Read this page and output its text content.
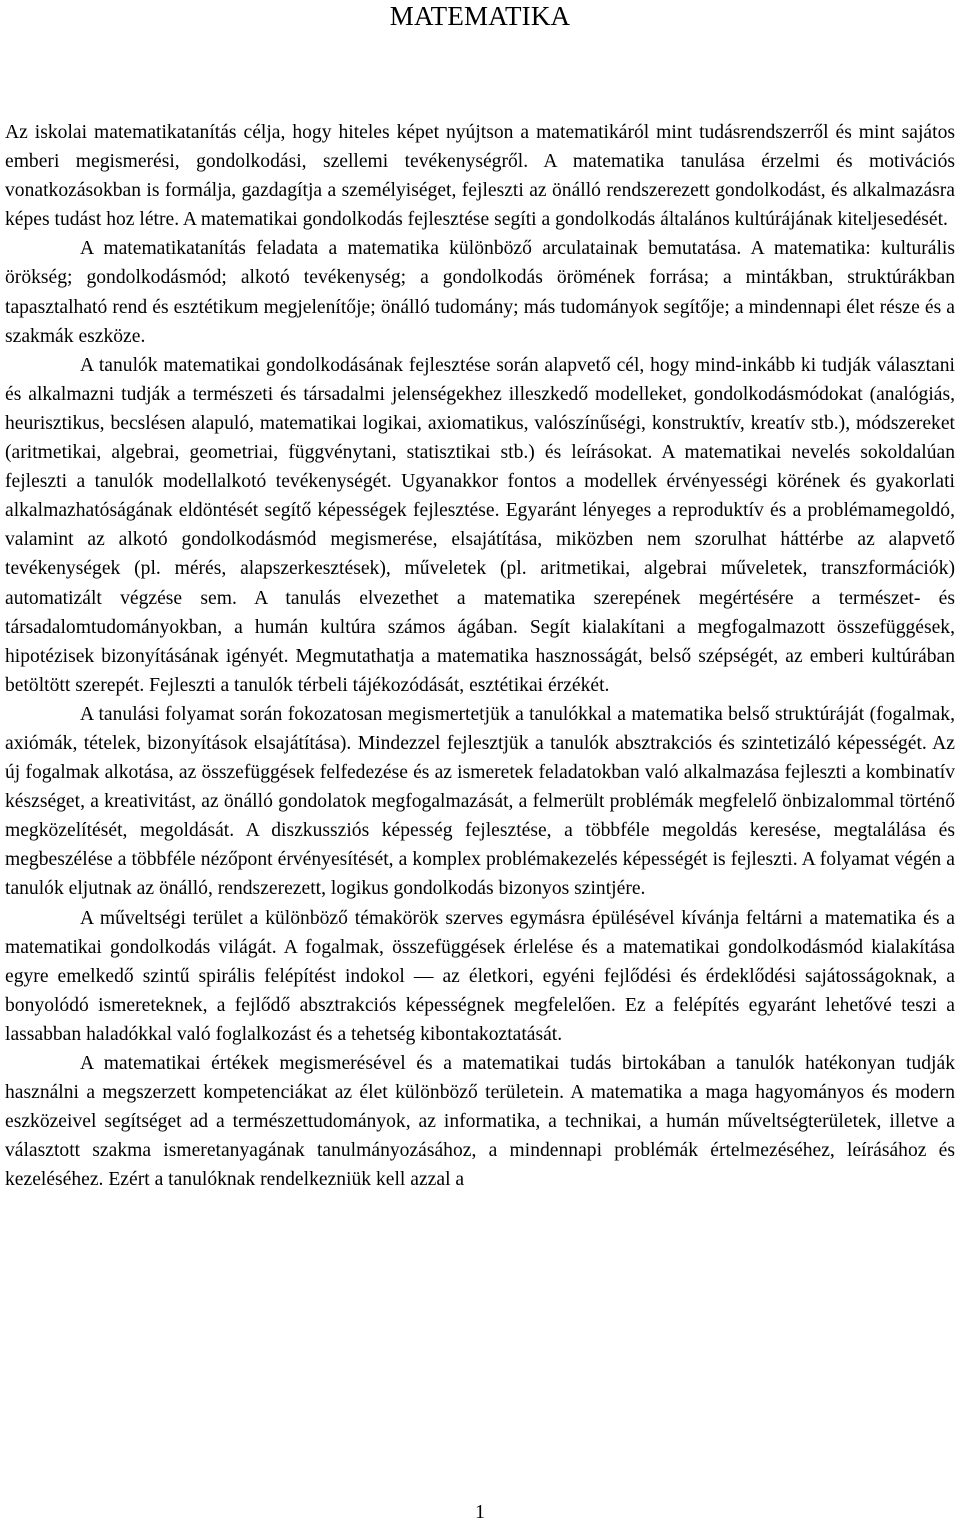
MATEMATIKA

Az iskolai matematikatanítás célja, hogy hiteles képet nyújtson a matematikáról mint tudásrendszerről és mint sajátos emberi megismerési, gondolkodási, szellemi tevékenységről. A matematika tanulása érzelmi és motivációs vonatkozásokban is formálja, gazdagítja a személyiséget, fejleszti az önálló rendszerezett gondolkodást, és alkalmazásra képes tudást hoz létre. A matematikai gondolkodás fejlesztése segíti a gondolkodás általános kultúrájának kiteljesedését.

A matematikatanítás feladata a matematika különböző arculatainak bemutatása. A matematika: kulturális örökség; gondolkodásmód; alkotó tevékenység; a gondolkodás örömének forrása; a mintákban, struktúrákban tapasztalható rend és esztétikum megjelenítője; önálló tudomány; más tudományok segítője; a mindennapi élet része és a szakmák eszköze.

A tanulók matematikai gondolkodásának fejlesztése során alapvető cél, hogy mind-inkább ki tudják választani és alkalmazni tudják a természeti és társadalmi jelenségekhez illeszkedő modelleket, gondolkodásmódokat (analógiás, heurisztikus, becslésen alapuló, matematikai logikai, axiomatikus, valószínűségi, konstruktív, kreatív stb.), módszereket (aritmetikai, algebrai, geometriai, függvénytani, statisztikai stb.) és leírásokat. A matematikai nevelés sokoldalúan fejleszti a tanulók modellalkotó tevékenységét. Ugyanakkor fontos a modellek érvényességi körének és gyakorlati alkalmazhatóságának eldöntését segítő képességek fejlesztése. Egyaránt lényeges a reproduktív és a problémamegoldó, valamint az alkotó gondolkodásmód megismerése, elsajátítása, miközben nem szorulhat háttérbe az alapvető tevékenységek (pl. mérés, alapszerkesztések), műveletek (pl. aritmetikai, algebrai műveletek, transzformációk) automatizált végzése sem. A tanulás elvezethet a matematika szerepének megértésére a természet- és társadalomtudományokban, a humán kultúra számos ágában. Segít kialakítani a megfogalmazott összefüggések, hipotézisek bizonyításának igényét. Megmutathatja a matematika hasznosságát, belső szépségét, az emberi kultúrában betöltött szerepét. Fejleszti a tanulók térbeli tájékozódását, esztétikai érzékét.

A tanulási folyamat során fokozatosan megismertetjük a tanulókkal a matematika belső struktúráját (fogalmak, axiómák, tételek, bizonyítások elsajátítása). Mindezzel fejlesztjük a tanulók absztrakciós és szintetizáló képességét. Az új fogalmak alkotása, az összefüggések felfedezése és az ismeretek feladatokban való alkalmazása fejleszti a kombinatív készséget, a kreativitást, az önálló gondolatok megfogalmazását, a felmerült problémák megfelelő önbizalommal történő megközelítését, megoldását. A diszkussziós képesség fejlesztése, a többféle megoldás keresése, megtalálása és megbeszélése a többféle nézőpont érvényesítését, a komplex problémakezelés képességét is fejleszti. A folyamat végén a tanulók eljutnak az önálló, rendszerezett, logikus gondolkodás bizonyos szintjére.

A műveltségi terület a különböző témakörök szerves egymásra épülésével kívánja feltárni a matematika és a matematikai gondolkodás világát. A fogalmak, összefüggések érlelése és a matematikai gondolkodásmód kialakítása egyre emelkedő szintű spirális felépítést indokol — az életkori, egyéni fejlődési és érdeklődési sajátosságoknak, a bonyolódó ismereteknek, a fejlődő absztrakciós képességnek megfelelően. Ez a felépítés egyaránt lehetővé teszi a lassabban haladókkal való foglalkozást és a tehetség kibontakoztatását.

A matematikai értékek megismerésével és a matematikai tudás birtokában a tanulók hatékonyan tudják használni a megszerzett kompetenciákat az élet különböző területein. A matematika a maga hagyományos és modern eszközeivel segítséget ad a természettudományok, az informatika, a technikai, a humán műveltségterületek, illetve a választott szakma ismeretanyagának tanulmányozásához, a mindennapi problémák értelmezéséhez, leírásához és kezeléséhez. Ezért a tanulóknak rendelkezniük kell azzal a

1
